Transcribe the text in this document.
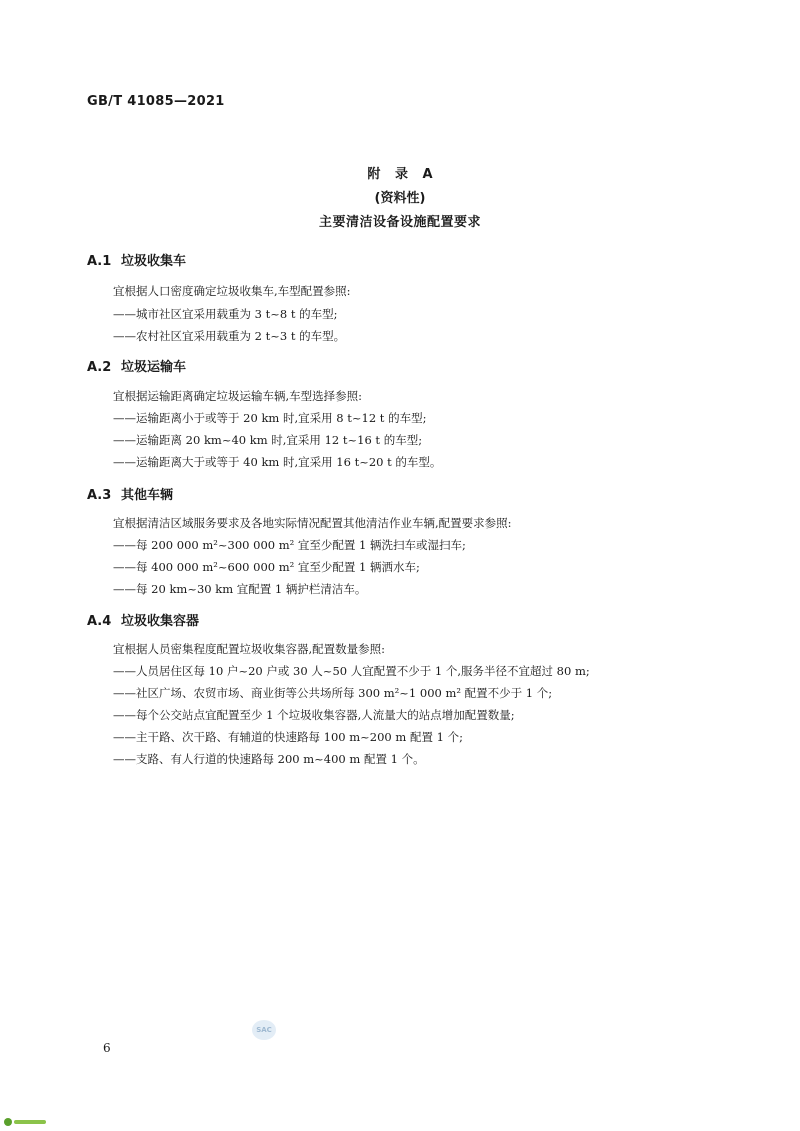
GB/T 41085—2021
附 录 A
(资料性)
主要清洁设备设施配置要求
A.1 垃圾收集车
宜根据人口密度确定垃圾收集车,车型配置参照:
——城市社区宜采用载重为 3 t~8 t 的车型;
——农村社区宜采用载重为 2 t~3 t 的车型。
A.2 垃圾运输车
宜根据运输距离确定垃圾运输车辆,车型选择参照:
——运输距离小于或等于 20 km 时,宜采用 8 t~12 t 的车型;
——运输距离 20 km~40 km 时,宜采用 12 t~16 t 的车型;
——运输距离大于或等于 40 km 时,宜采用 16 t~20 t 的车型。
A.3 其他车辆
宜根据清洁区域服务要求及各地实际情况配置其他清洁作业车辆,配置要求参照:
——每 200 000 m²~300 000 m² 宜至少配置 1 辆洗扫车或湿扫车;
——每 400 000 m²~600 000 m² 宜至少配置 1 辆洒水车;
——每 20 km~30 km 宜配置 1 辆护栏清洁车。
A.4 垃圾收集容器
宜根据人员密集程度配置垃圾收集容器,配置数量参照:
——人员居住区每 10 户~20 户或 30 人~50 人宜配置不少于 1 个,服务半径不宜超过 80 m;
——社区广场、农贸市场、商业街等公共场所每 300 m²~1 000 m² 配置不少于 1 个;
——每个公交站点宜配置至少 1 个垃圾收集容器,人流量大的站点增加配置数量;
——主干路、次干路、有辅道的快速路每 100 m~200 m 配置 1 个;
——支路、有人行道的快速路每 200 m~400 m 配置 1 个。
SAC
6
